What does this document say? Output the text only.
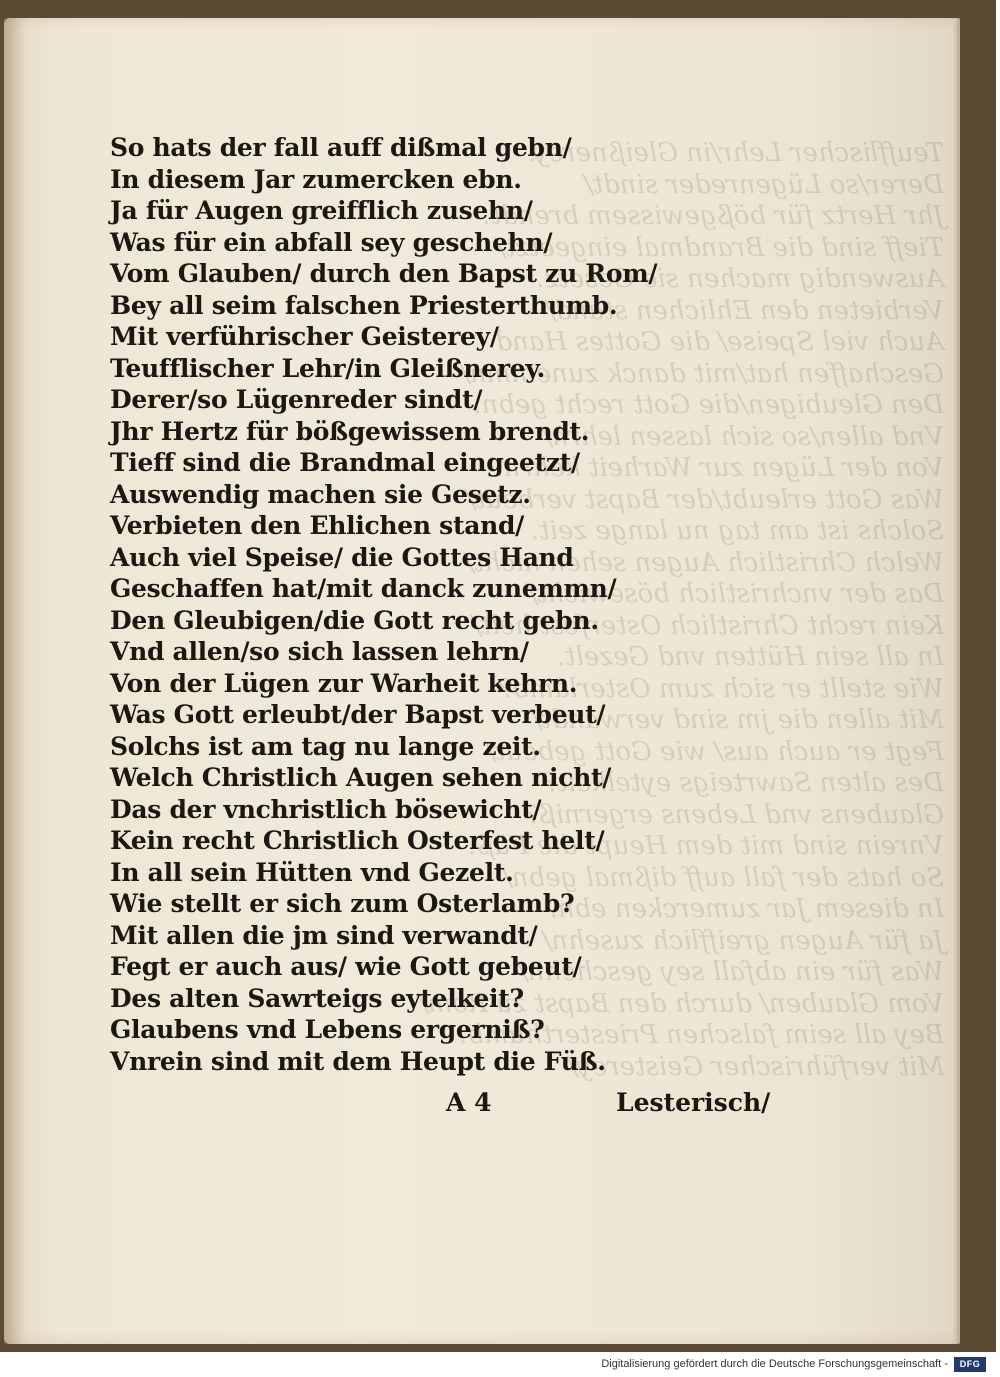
Teufflischer Lehr/in Gleißnerey.
Derer/so Lügenreder sindt/
Jhr Hertz für bößgewissem brendt.
Tieff sind die Brandmal eingeetzt/
Auswendig machen sie Gesetz.
Verbieten den Ehlichen stand/
Auch viel Speise/ die Gottes Hand
Geschaffen hat/mit danck zunemmn/
Den Gleubigen/die Gott recht gebn.
Vnd allen/so sich lassen lehrn/
Von der Lügen zur Warheit kehrn.
Was Gott erleubt/der Bapst verbeut/
Solchs ist am tag nu lange zeit.
Welch Christlich Augen sehen nicht/
Das der vnchristlich bösewicht/
Kein recht Christlich Osterfest helt/
In all sein Hütten vnd Gezelt.
Wie stellt er sich zum Osterlamb?
Mit allen die jm sind verwandt/
Fegt er auch aus/ wie Gott gebeut/
Des alten Sawrteigs eytelkeit?
Glaubens vnd Lebens ergerniß?
Vnrein sind mit dem Heupt die Füß.
So hats der fall auff dißmal gebn/
In diesem Jar zumercken ebn.
Ja für Augen greifflich zusehn/
Was für ein abfall sey geschehn/
Vom Glauben/ durch den Bapst zu Rom/
Bey all seim falschen Priesterthumb.
Mit verführischer Geisterey/
So hats der fall auff dißmal gebn/
In diesem Jar zumercken ebn.
Ja für Augen greifflich zusehn/
Was für ein abfall sey geschehn/
Vom Glauben/ durch den Bapst zu Rom/
Bey all seim falschen Priesterthumb.
Mit verführischer Geisterey/
Teufflischer Lehr/in Gleißnerey.
Derer/so Lügenreder sindt/
Jhr Hertz für bößgewissem brendt.
Tieff sind die Brandmal eingeetzt/
Auswendig machen sie Gesetz.
Verbieten den Ehlichen stand/
Auch viel Speise/ die Gottes Hand
Geschaffen hat/mit danck zunemmn/
Den Gleubigen/die Gott recht gebn.
Vnd allen/so sich lassen lehrn/
Von der Lügen zur Warheit kehrn.
Was Gott erleubt/der Bapst verbeut/
Solchs ist am tag nu lange zeit.
Welch Christlich Augen sehen nicht/
Das der vnchristlich bösewicht/
Kein recht Christlich Osterfest helt/
In all sein Hütten vnd Gezelt.
Wie stellt er sich zum Osterlamb?
Mit allen die jm sind verwandt/
Fegt er auch aus/ wie Gott gebeut/
Des alten Sawrteigs eytelkeit?
Glaubens vnd Lebens ergerniß?
Vnrein sind mit dem Heupt die Füß.
A 4	Lesterisch/
Digitalisierung gefördert durch die Deutsche Forschungsgemeinschaft -	DFG
